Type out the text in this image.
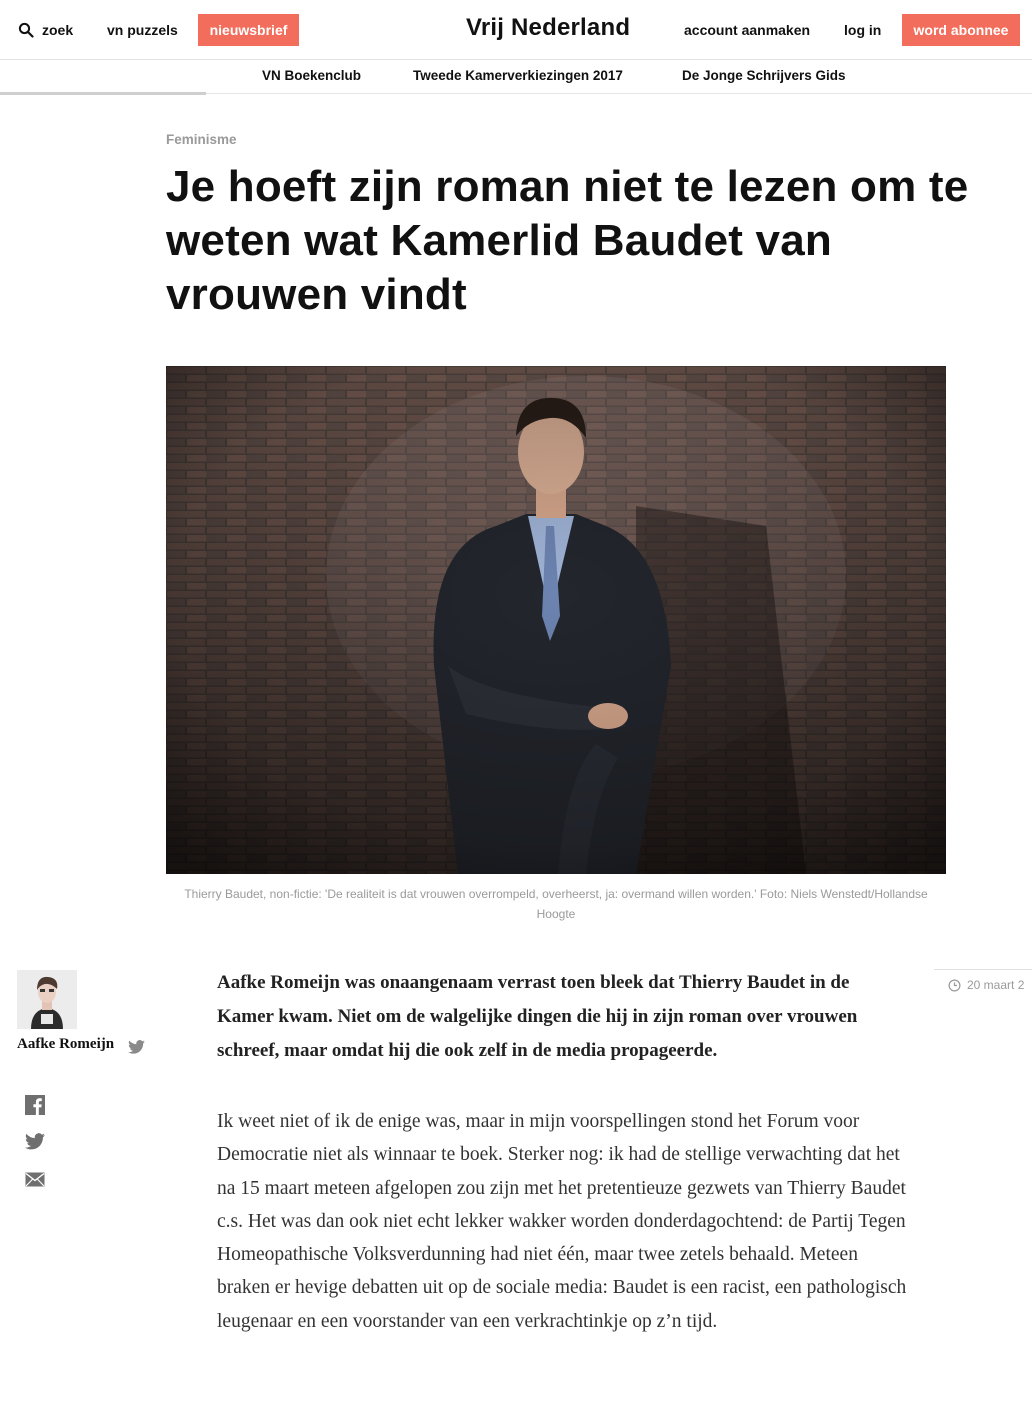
zoek vn puzzels	nieuwsbrief	Vrij Nederland	account aanmaken log in	word abonnee
VN Boekenclub	Tweede Kamerverkiezingen 2017	De Jonge Schrijvers Gids
Feminisme
Je hoeft zijn roman niet te lezen om te weten wat Kamerlid Baudet van vrouwen vindt
Thierry Baudet, non-fictie: 'De realiteit is dat vrouwen overrompeld, overheerst, ja: overmand willen worden.' Foto: Niels Wenstedt/Hollandse Hoogte
Aafke Romeijn
20 maart 2

Aafke Romeijn was onaangenaam verrast toen bleek dat Thierry Baudet in de Kamer kwam. Niet om de walgelijke dingen die hij in zijn roman over vrouwen schreef, maar omdat hij die ook zelf in de media propageerde.

Ik weet niet of ik de enige was, maar in mijn voorspellingen stond het Forum voor Democratie niet als winnaar te boek. Sterker nog: ik had de stellige verwachting dat het na 15 maart meteen afgelopen zou zijn met het pretentieuze gezwets van Thierry Baudet c.s. Het was dan ook niet echt lekker wakker worden donderdagochtend: de Partij Tegen Homeopathische Volksverdunning had niet één, maar twee zetels behaald. Meteen braken er hevige debatten uit op de sociale media: Baudet is een racist, een pathologisch leugenaar en een voorstander van een verkrachtinkje op z’n tijd.
